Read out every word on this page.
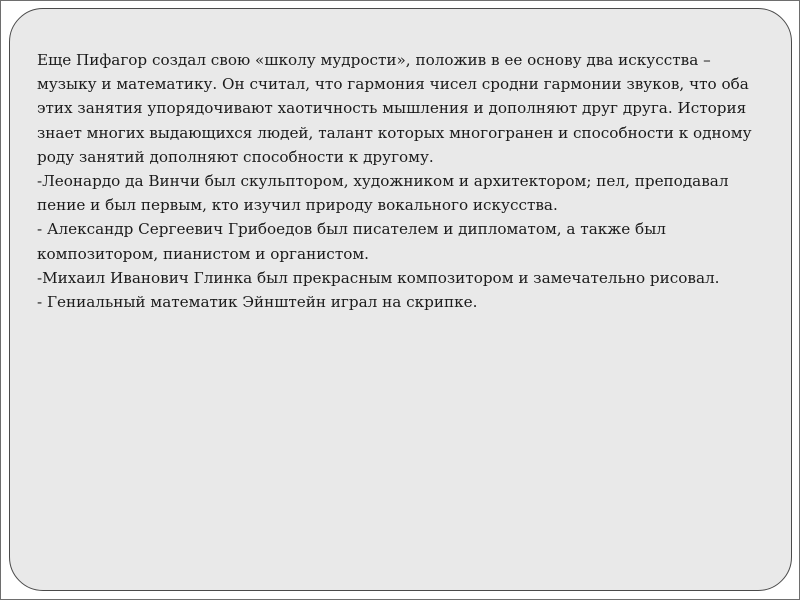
Еще Пифагор создал свою «школу мудрости», положив в ее основу два искусства – музыку и математику. Он считал, что гармония чисел сродни гармонии звуков, что оба этих занятия упорядочивают хаотичность мышления и дополняют друг друга. История знает многих выдающихся людей, талант которых многогранен и способности к одному роду занятий дополняют способности к другому.

-Леонардо да Винчи был скульптором, художником и архитектором; пел, преподавал пение и был первым, кто изучил природу вокального искусства.

- Александр Сергеевич Грибоедов был писателем и дипломатом, а также был композитором, пианистом и органистом.

-Михаил Иванович Глинка был прекрасным композитором и замечательно рисовал.

- Гениальный математик Эйнштейн играл на скрипке.
